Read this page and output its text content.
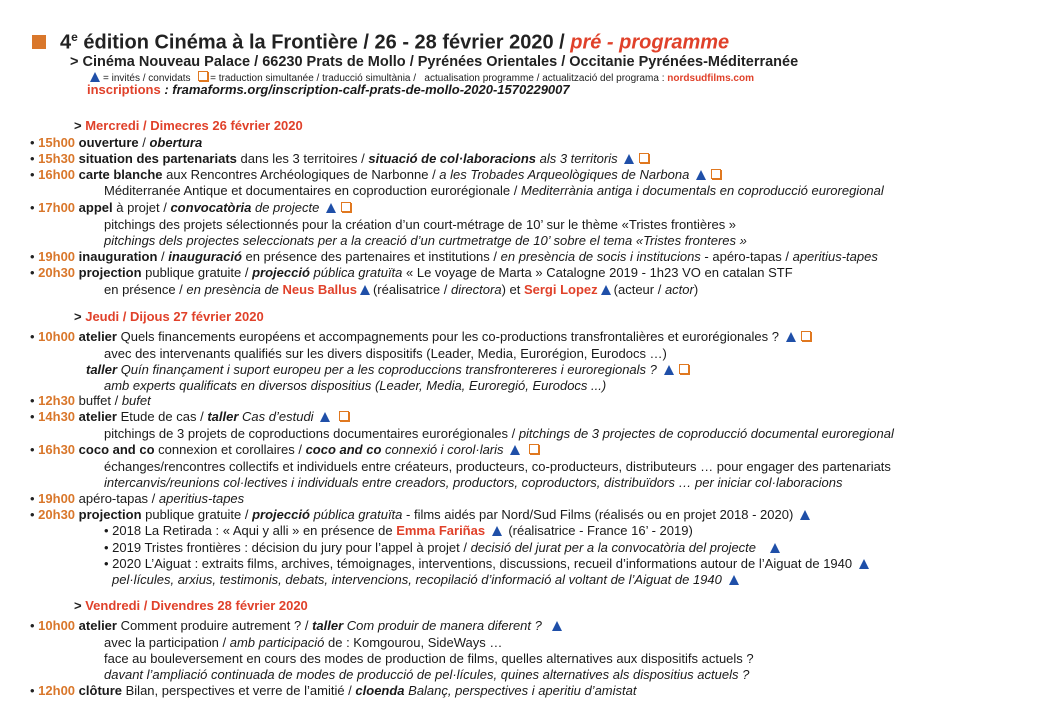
4e édition Cinéma à la Frontière / 26 - 28 février 2020 / pré - programme
> Cinéma Nouveau Palace / 66230 Prats de Mollo / Pyrénées Orientales / Occitanie Pyrénées-Méditerranée
= invités / convidats = traduction simultanée / traducció simultània / actualisation programme / actualització del programa : nordsudfilms.com
inscriptions : framaforms.org/inscription-calf-prats-de-mollo-2020-1570229007
> Mercredi / Dimecres 26 février 2020
• 15h00 ouverture / obertura
• 15h30 situation des partenariats dans les 3 territoires / situació de col·laboracions als 3 territoris
• 16h00 carte blanche aux Rencontres Archéologiques de Narbonne / a les Trobades Arqueològiques de Narbona
Méditerranée Antique et documentaires en coproduction eurorégionale / Mediterrània antiga i documentals en coproducció euroregional
• 17h00 appel à projet / convocatòria de projecte
pitchings des projets sélectionnés pour la création d’un court-métrage de 10’ sur le thème «Tristes frontières »
pitchings dels projectes seleccionats per a la creació d’un curtmetratge de 10’ sobre el tema «Tristes fronteres »
• 19h00 inauguration / inauguració en présence des partenaires et institutions / en presència de socis i institucions - apéro-tapas / aperitius-tapes
• 20h30 projection publique gratuite / projecció pública gratuïta « Le voyage de Marta » Catalogne 2019 - 1h23 VO en catalan STF
en présence / en presència de Neus Ballus (réalisatrice / directora) et Sergi Lopez (acteur / actor)
> Jeudi / Dijous 27 février 2020
• 10h00 atelier Quels financements européens et accompagnements pour les co-productions transfrontalières et eurorégionales ?
avec des intervenants qualifiés sur les divers dispositifs (Leader, Media, Eurorégion, Eurodocs …)
taller Quín finançament i suport europeu per a les coproduccions transfrontereres i euroregionals ?
amb experts qualificats en diversos dispositius (Leader, Media, Euroregió, Eurodocs ...)
• 12h30 buffet / bufet
• 14h30 atelier Etude de cas / taller Cas d’estudi
pitchings de 3 projets de coproductions documentaires eurorégionales / pitchings de 3 projectes de coproducció documental euroregional
• 16h30 coco and co connexion et corollaires / coco and co connexió i corol·laris
échanges/rencontres collectifs et individuels entre créateurs, producteurs, co-producteurs, distributeurs … pour engager des partenariats
intercanvis/reunions col·lectives i individuals entre creadors, productors, coproductors, distribuïdors … per iniciar col·laboracions
• 19h00 apéro-tapas / aperitius-tapes
• 20h30 projection publique gratuite / projecció pública gratuïta - films aidés par Nord/Sud Films (réalisés ou en projet 2018 - 2020)
• 2018 La Retirada : « Aqui y alli » en présence de Emma Fariñas  (réalisatrice - France 16’ - 2019)
• 2019 Tristes frontières : décision du jury pour l’appel à projet / decisió del jurat per a la convocatòria del projecte
• 2020 L’Aiguat : extraits films, archives, témoignages, interventions, discussions, recueil d’informations autour de l’Aiguat de 1940
pel·lícules, arxius, testimonis, debats, intervencions, recopilació d’informació al voltant de l’Aiguat de 1940
> Vendredi / Divendres 28 février 2020
• 10h00 atelier Comment produire autrement ? / taller Com produir de manera diferent ?
avec la participation / amb participació de : Komgourou, SideWays …
face au bouleversement en cours des modes de production de films, quelles alternatives aux dispositifs actuels ?
davant l’ampliació continuada de modes de producció de pel·lícules, quines alternatives als dispositius actuels ?
• 12h00 clôture Bilan, perspectives et verre de l’amitié / cloenda Balanç, perspectives i aperitiu d’amistat
